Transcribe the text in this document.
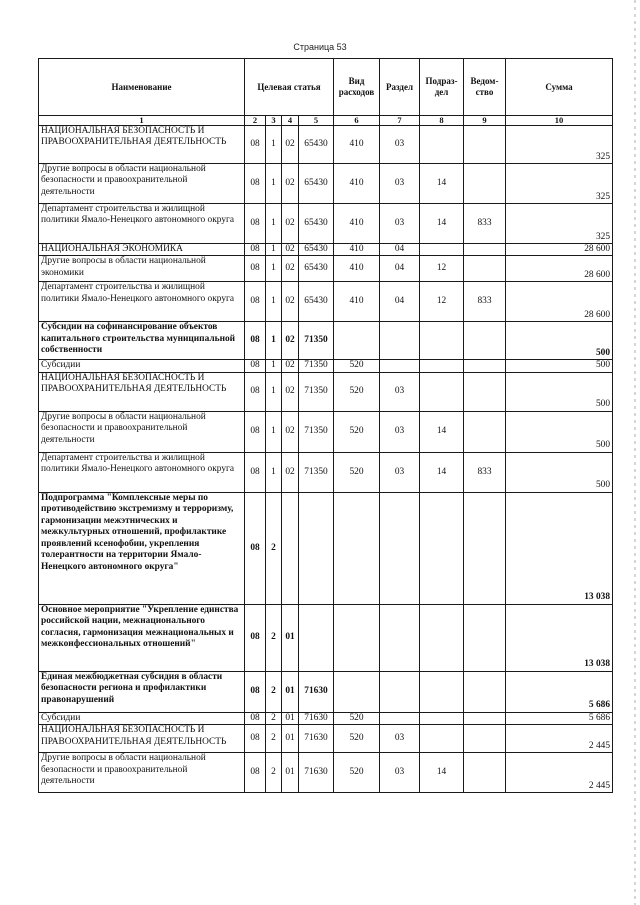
Страница 53
Наименование	Целевая статья				Вид расходов	Раздел	Подраз-дел	Ведом-ство	Сумма
1	2	3	4	5	6	7	8	9	10
НАЦИОНАЛЬНАЯ БЕЗОПАСНОСТЬ И ПРАВООХРАНИТЕЛЬНАЯ ДЕЯТЕЛЬНОСТЬ	08	1	02	65430	410	03			325
Другие вопросы в области национальной безопасности и правоохранительной деятельности	08	1	02	65430	410	03	14		325
Департамент строительства и жилищной политики Ямало-Ненецкого автономного округа	08	1	02	65430	410	03	14	833	325
НАЦИОНАЛЬНАЯ ЭКОНОМИКА	08	1	02	65430	410	04			28 600
Другие вопросы в области национальной экономики	08	1	02	65430	410	04	12		28 600
Департамент строительства и жилищной политики Ямало-Ненецкого автономного округа	08	1	02	65430	410	04	12	833	28 600
Субсидии на софинансирование объектов капитального строительства муниципальной собственности	08	1	02	71350					500
Субсидии	08	1	02	71350	520				500
НАЦИОНАЛЬНАЯ БЕЗОПАСНОСТЬ И ПРАВООХРАНИТЕЛЬНАЯ ДЕЯТЕЛЬНОСТЬ	08	1	02	71350	520	03			500
Другие вопросы в области национальной безопасности и правоохранительной деятельности	08	1	02	71350	520	03	14		500
Департамент строительства и жилищной политики Ямало-Ненецкого автономного округа	08	1	02	71350	520	03	14	833	500
Подпрограмма "Комплексные меры по противодействию экстремизму и терроризму, гармонизации межэтнических и межкультурных отношений, профилактике проявлений ксенофобии, укрепления толерантности на территории Ямало-Ненецкого автономного округа"	08	2							13 038
Основное мероприятие "Укрепление единства российской нации, межнационального согласия, гармонизация межнациональных и межконфессиональных отношений"	08	2	01						13 038
Единая межбюджетная субсидия в области безопасности региона и профилактики правонарушений	08	2	01	71630					5 686
Субсидии	08	2	01	71630	520				5 686
НАЦИОНАЛЬНАЯ БЕЗОПАСНОСТЬ И ПРАВООХРАНИТЕЛЬНАЯ ДЕЯТЕЛЬНОСТЬ	08	2	01	71630	520	03			2 445
Другие вопросы в области национальной безопасности и правоохранительной деятельности	08	2	01	71630	520	03	14		2 445
